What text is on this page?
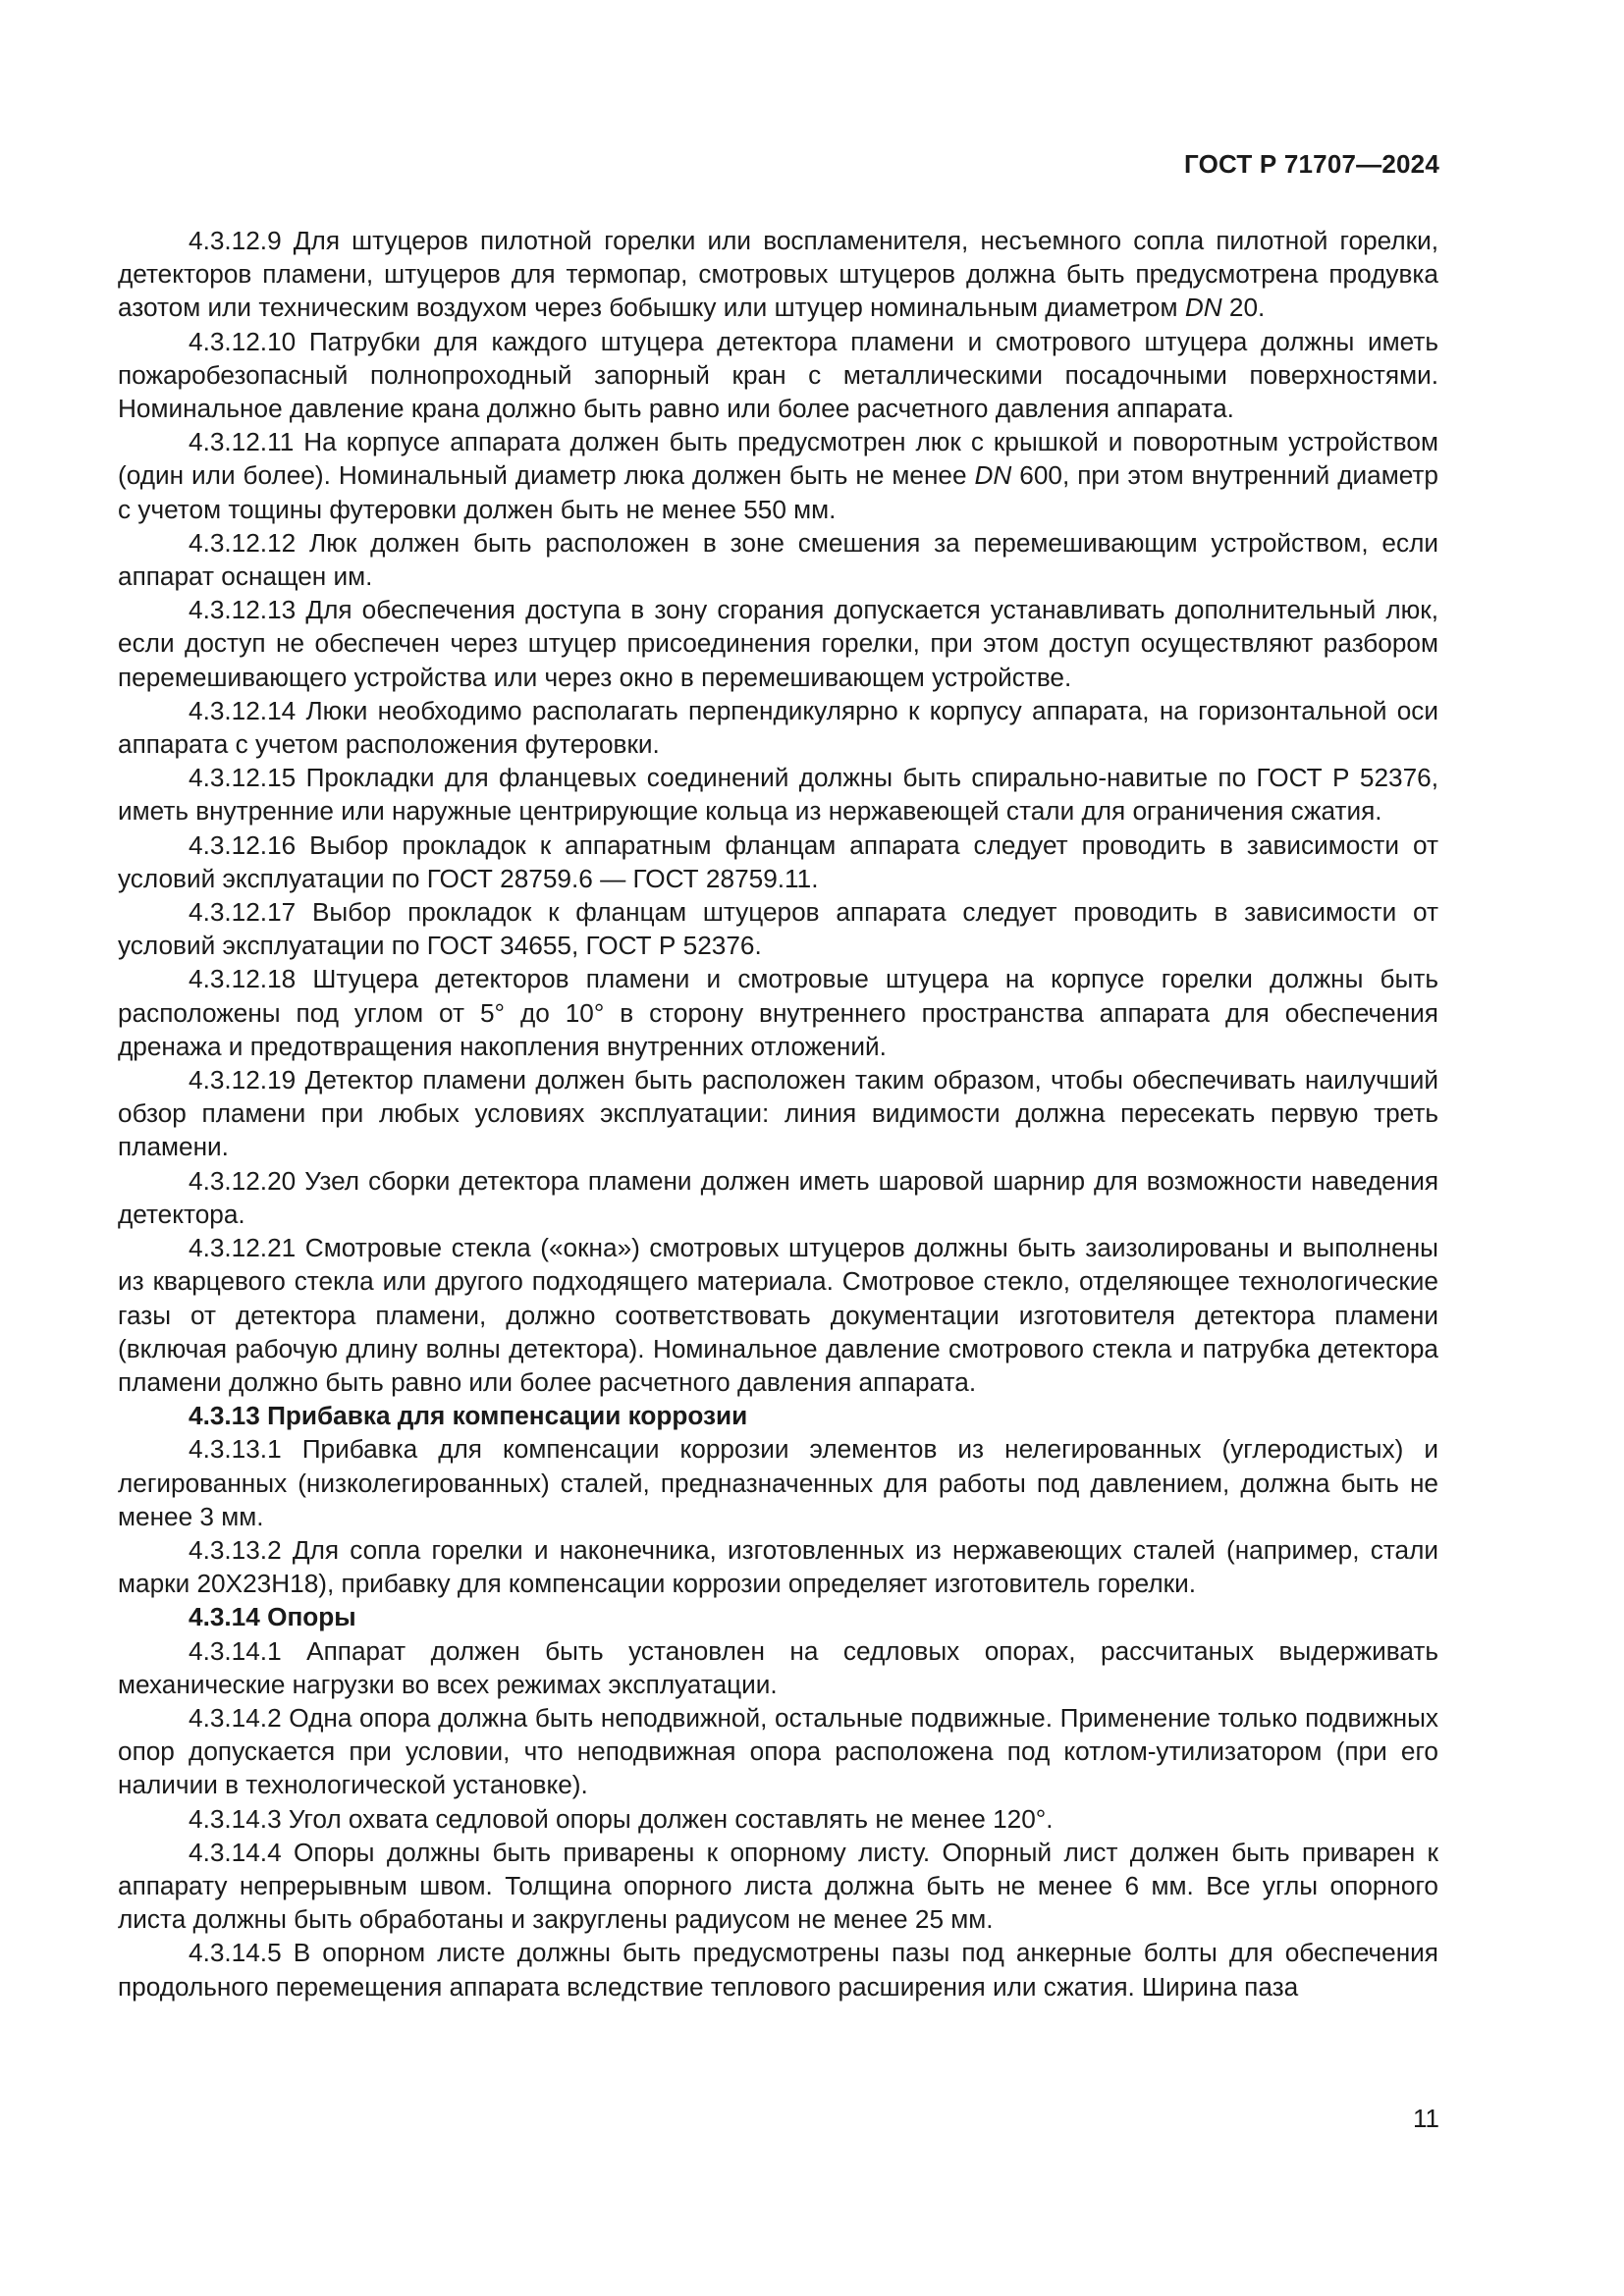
ГОСТ Р 71707—2024

4.3.12.9 Для штуцеров пилотной горелки или воспламенителя, несъемного сопла пилотной горелки, детекторов пламени, штуцеров для термопар, смотровых штуцеров должна быть предусмотрена продувка азотом или техническим воздухом через бобышку или штуцер номинальным диаметром DN 20.

4.3.12.10 Патрубки для каждого штуцера детектора пламени и смотрового штуцера должны иметь пожаробезопасный полнопроходный запорный кран с металлическими посадочными поверхностями. Номинальное давление крана должно быть равно или более расчетного давления аппарата.

4.3.12.11 На корпусе аппарата должен быть предусмотрен люк с крышкой и поворотным устройством (один или более). Номинальный диаметр люка должен быть не менее DN 600, при этом внутренний диаметр с учетом тощины футеровки должен быть не менее 550 мм.

4.3.12.12 Люк должен быть расположен в зоне смешения за перемешивающим устройством, если аппарат оснащен им.

4.3.12.13 Для обеспечения доступа в зону сгорания допускается устанавливать дополнительный люк, если доступ не обеспечен через штуцер присоединения горелки, при этом доступ осуществляют разбором перемешивающего устройства или через окно в перемешивающем устройстве.

4.3.12.14 Люки необходимо располагать перпендикулярно к корпусу аппарата, на горизонтальной оси аппарата с учетом расположения футеровки.

4.3.12.15 Прокладки для фланцевых соединений должны быть спирально-навитые по ГОСТ Р 52376, иметь внутренние или наружные центрирующие кольца из нержавеющей стали для ограничения сжатия.

4.3.12.16 Выбор прокладок к аппаратным фланцам аппарата следует проводить в зависимости от условий эксплуатации по ГОСТ 28759.6 — ГОСТ 28759.11.

4.3.12.17 Выбор прокладок к фланцам штуцеров аппарата следует проводить в зависимости от условий эксплуатации по ГОСТ 34655, ГОСТ Р 52376.

4.3.12.18 Штуцера детекторов пламени и смотровые штуцера на корпусе горелки должны быть расположены под углом от 5° до 10° в сторону внутреннего пространства аппарата для обеспечения дренажа и предотвращения накопления внутренних отложений.

4.3.12.19 Детектор пламени должен быть расположен таким образом, чтобы обеспечивать наилучший обзор пламени при любых условиях эксплуатации: линия видимости должна пересекать первую треть пламени.

4.3.12.20 Узел сборки детектора пламени должен иметь шаровой шарнир для возможности наведения детектора.

4.3.12.21 Смотровые стекла («окна») смотровых штуцеров должны быть заизолированы и выполнены из кварцевого стекла или другого подходящего материала. Смотровое стекло, отделяющее технологические газы от детектора пламени, должно соответствовать документации изготовителя детектора пламени (включая рабочую длину волны детектора). Номинальное давление смотрового стекла и патрубка детектора пламени должно быть равно или более расчетного давления аппарата.

4.3.13 Прибавка для компенсации коррозии

4.3.13.1 Прибавка для компенсации коррозии элементов из нелегированных (углеродистых) и легированных (низколегированных) сталей, предназначенных для работы под давлением, должна быть не менее 3 мм.

4.3.13.2 Для сопла горелки и наконечника, изготовленных из нержавеющих сталей (например, стали марки 20Х23Н18), прибавку для компенсации коррозии определяет изготовитель горелки.

4.3.14 Опоры

4.3.14.1 Аппарат должен быть установлен на седловых опорах, рассчитаных выдерживать механические нагрузки во всех режимах эксплуатации.

4.3.14.2 Одна опора должна быть неподвижной, остальные подвижные. Применение только подвижных опор допускается при условии, что неподвижная опора расположена под котлом-утилизатором (при его наличии в технологической установке).

4.3.14.3 Угол охвата седловой опоры должен составлять не менее 120°.

4.3.14.4 Опоры должны быть приварены к опорному листу. Опорный лист должен быть приварен к аппарату непрерывным швом. Толщина опорного листа должна быть не менее 6 мм. Все углы опорного листа должны быть обработаны и закруглены радиусом не менее 25 мм.

4.3.14.5 В опорном листе должны быть предусмотрены пазы под анкерные болты для обеспечения продольного перемещения аппарата вследствие теплового расширения или сжатия. Ширина паза

11
